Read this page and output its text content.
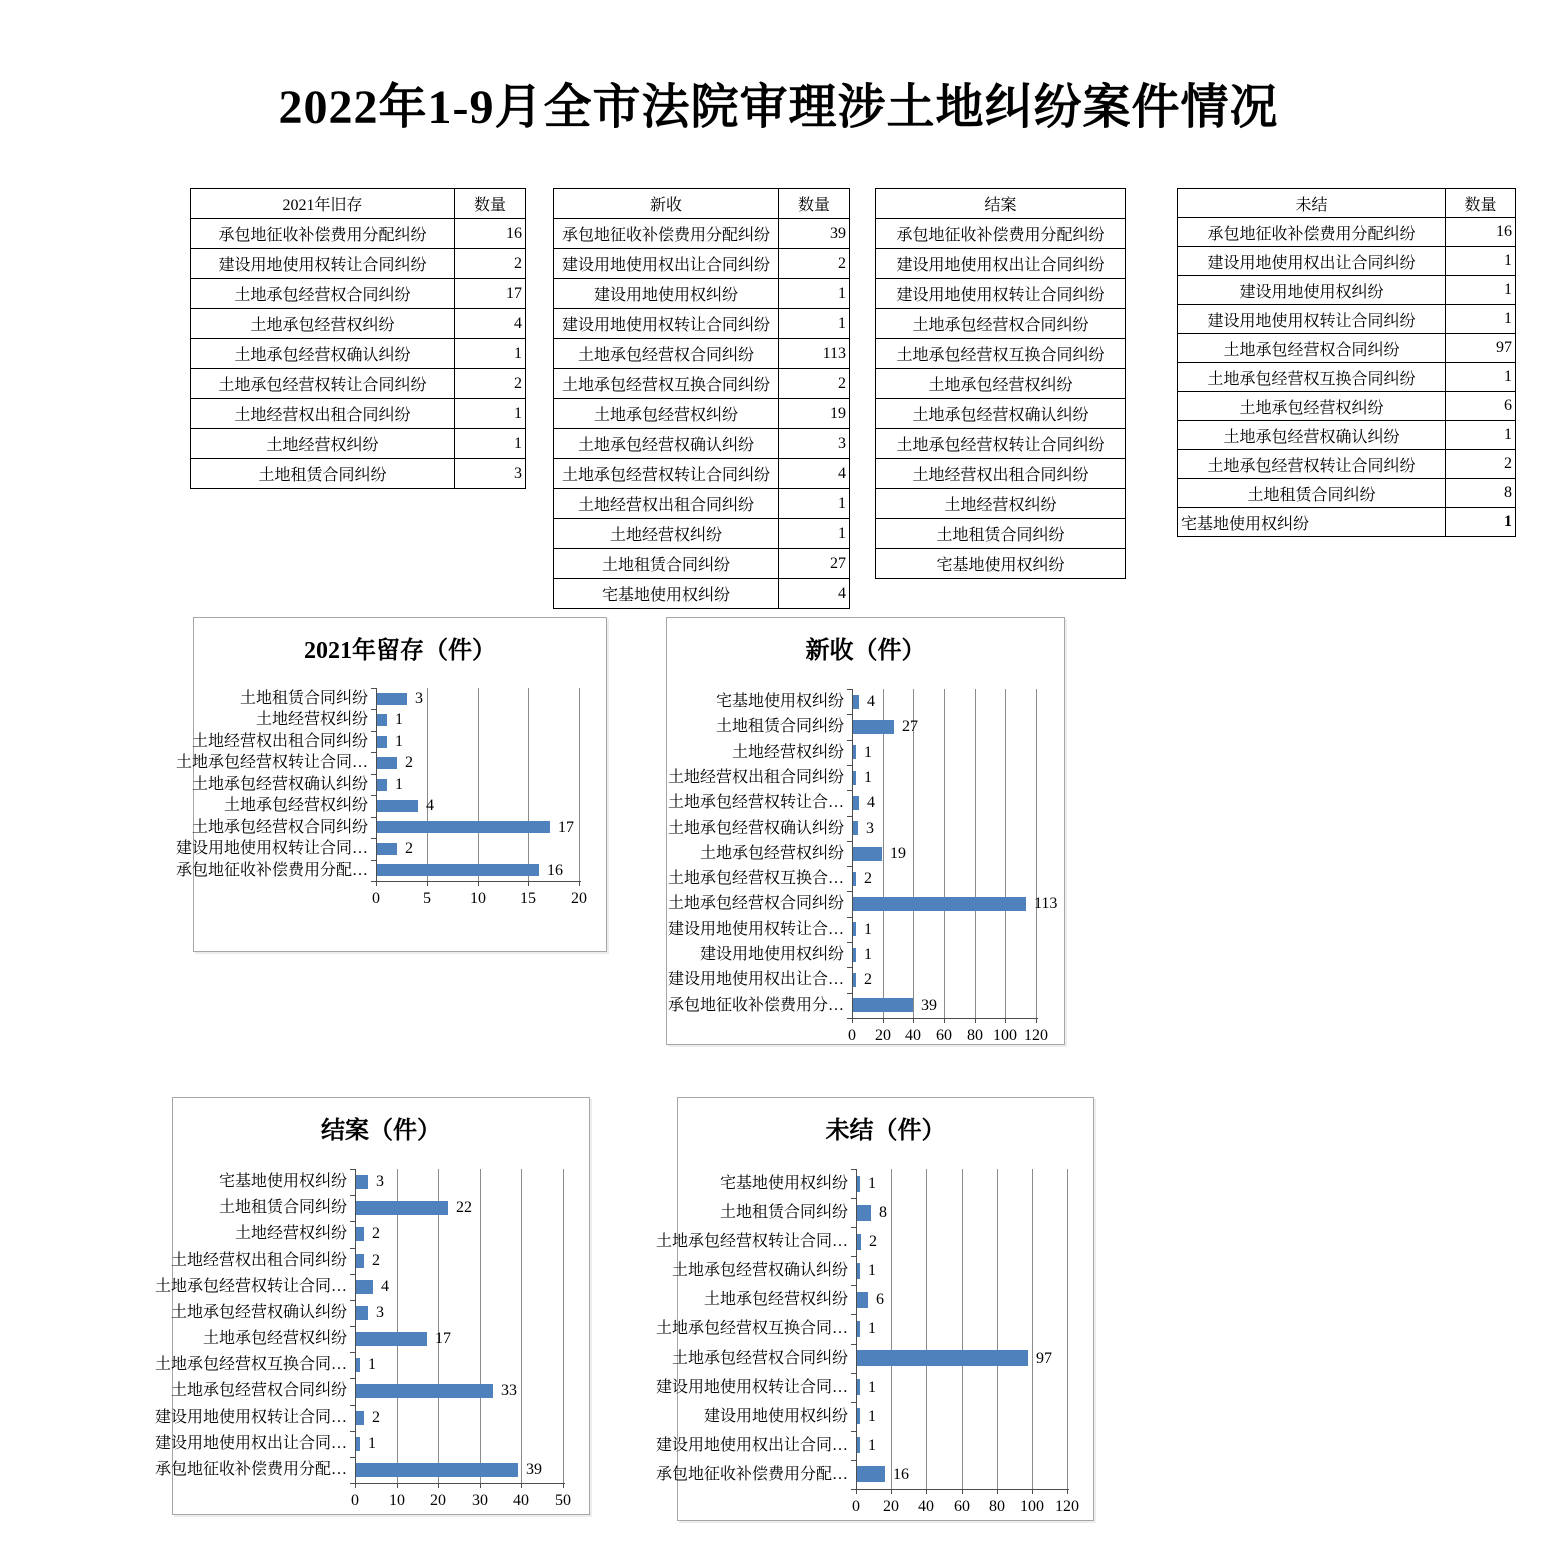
2022年1-9月全市法院审理涉土地纠纷案件情况
2021年旧存	数量
承包地征收补偿费用分配纠纷	16
建设用地使用权转让合同纠纷	2
土地承包经营权合同纠纷	17
土地承包经营权纠纷	4
土地承包经营权确认纠纷	1
土地承包经营权转让合同纠纷	2
土地经营权出租合同纠纷	1
土地经营权纠纷	1
土地租赁合同纠纷	3
新收	数量
承包地征收补偿费用分配纠纷	39
建设用地使用权出让合同纠纷	2
建设用地使用权纠纷	1
建设用地使用权转让合同纠纷	1
土地承包经营权合同纠纷	113
土地承包经营权互换合同纠纷	2
土地承包经营权纠纷	19
土地承包经营权确认纠纷	3
土地承包经营权转让合同纠纷	4
土地经营权出租合同纠纷	1
土地经营权纠纷	1
土地租赁合同纠纷	27
宅基地使用权纠纷	4
结案
承包地征收补偿费用分配纠纷
建设用地使用权出让合同纠纷
建设用地使用权转让合同纠纷
土地承包经营权合同纠纷
土地承包经营权互换合同纠纷
土地承包经营权纠纷
土地承包经营权确认纠纷
土地承包经营权转让合同纠纷
土地经营权出租合同纠纷
土地经营权纠纷
土地租赁合同纠纷
宅基地使用权纠纷
未结	数量
承包地征收补偿费用分配纠纷	16
建设用地使用权出让合同纠纷	1
建设用地使用权纠纷	1
建设用地使用权转让合同纠纷	1
土地承包经营权合同纠纷	97
土地承包经营权互换合同纠纷	1
土地承包经营权纠纷	6
土地承包经营权确认纠纷	1
土地承包经营权转让合同纠纷	2
土地租赁合同纠纷	8
宅基地使用权纠纷	1
2021年留存（件）
0	5	10	15	20
土地租赁合同纠纷	3
土地经营权纠纷 1
土地经营权出租合同纠纷 1
土地承包经营权转让合同… 2
土地承包经营权确认纠纷 1
土地承包经营权纠纷	4
土地承包经营权合同纠纷	17
建设用地使用权转让合同… 2
承包地征收补偿费用分配…	16
新收（件）
0	20 40 60 80 100 120
宅基地使用权纠纷 4
土地租赁合同纠纷	27
土地经营权纠纷 1
土地经营权出租合同纠纷 1
土地承包经营权转让合… 4
土地承包经营权确认纠纷 3
土地承包经营权纠纷	19
土地承包经营权互换合… 2
土地承包经营权合同纠纷	113
建设用地使用权转让合… 1
建设用地使用权纠纷 1
建设用地使用权出让合… 2
承包地征收补偿费用分…	39
结案（件）
0	10	20	30	40	50
宅基地使用权纠纷 3
土地租赁合同纠纷	22
土地经营权纠纷 2
土地经营权出租合同纠纷 2
土地承包经营权转让合同… 4
土地承包经营权确认纠纷 3
土地承包经营权纠纷	17
土地承包经营权互换合同… 1
土地承包经营权合同纠纷	33
建设用地使用权转让合同… 2
建设用地使用权出让合同… 1
承包地征收补偿费用分配…	39
未结（件）
0	20	40	60	80 100 120
宅基地使用权纠纷 1
土地租赁合同纠纷 8
土地承包经营权转让合同… 2
土地承包经营权确认纠纷 1
土地承包经营权纠纷 6
土地承包经营权互换合同… 1
土地承包经营权合同纠纷	97
建设用地使用权转让合同… 1
建设用地使用权纠纷 1
建设用地使用权出让合同… 1
承包地征收补偿费用分配…	16
